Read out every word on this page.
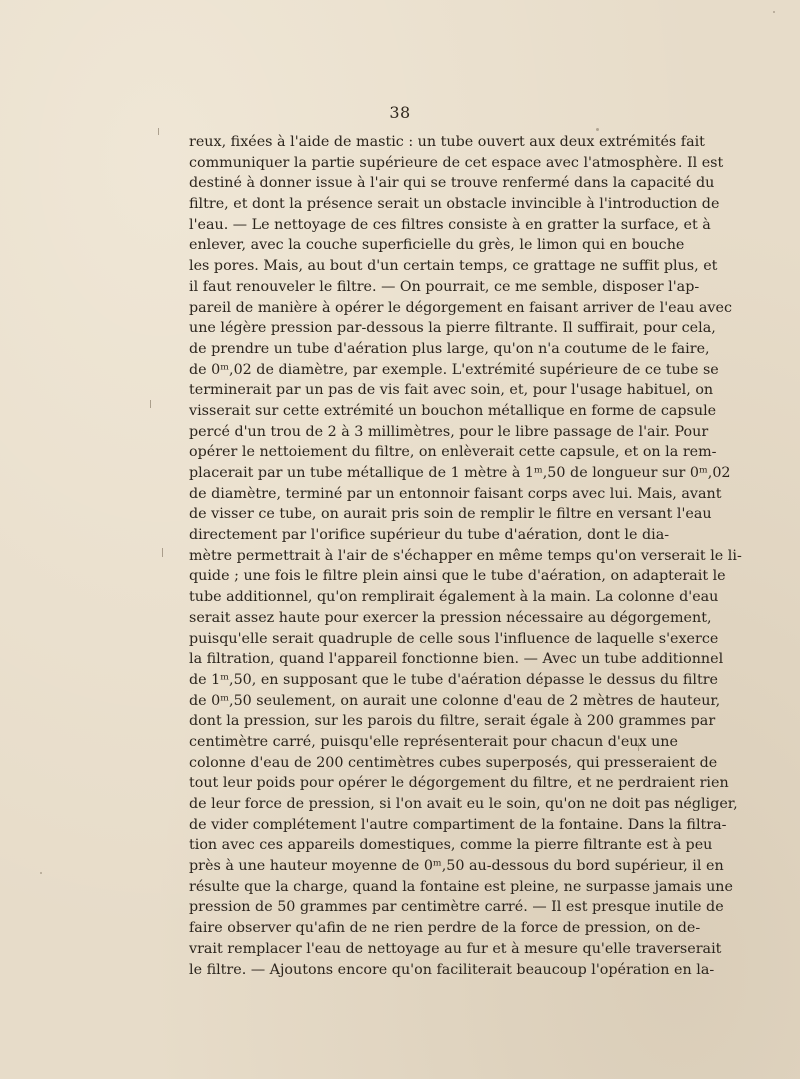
38
reux, fixées à l'aide de mastic : un tube ouvert aux deux extrémités fait
communiquer la partie supérieure de cet espace avec l'atmosphère. Il est
destiné à donner issue à l'air qui se trouve renfermé dans la capacité du
filtre, et dont la présence serait un obstacle invincible à l'introduction de
l'eau. — Le nettoyage de ces filtres consiste à en gratter la surface, et à
enlever, avec la couche superficielle du grès, le limon qui en bouche
les pores. Mais, au bout d'un certain temps, ce grattage ne suffit plus, et
il faut renouveler le filtre. — On pourrait, ce me semble, disposer l'ap-
pareil de manière à opérer le dégorgement en faisant arriver de l'eau avec
une légère pression par-dessous la pierre filtrante. Il suffirait, pour cela,
de prendre un tube d'aération plus large, qu'on n'a coutume de le faire,
de 0ᵐ,02 de diamètre, par exemple. L'extrémité supérieure de ce tube se
terminerait par un pas de vis fait avec soin, et, pour l'usage habituel, on
visserait sur cette extrémité un bouchon métallique en forme de capsule
percé d'un trou de 2 à 3 millimètres, pour le libre passage de l'air. Pour
opérer le nettoiement du filtre, on enlèverait cette capsule, et on la rem-
placerait par un tube métallique de 1 mètre à 1ᵐ,50 de longueur sur 0ᵐ,02
de diamètre, terminé par un entonnoir faisant corps avec lui. Mais, avant
de visser ce tube, on aurait pris soin de remplir le filtre en versant l'eau
directement par l'orifice supérieur du tube d'aération, dont le dia-
mètre permettrait à l'air de s'échapper en même temps qu'on verserait le li-
quide ; une fois le filtre plein ainsi que le tube d'aération, on adapterait le
tube additionnel, qu'on remplirait également à la main. La colonne d'eau
serait assez haute pour exercer la pression nécessaire au dégorgement,
puisqu'elle serait quadruple de celle sous l'influence de laquelle s'exerce
la filtration, quand l'appareil fonctionne bien. — Avec un tube additionnel
de 1ᵐ,50, en supposant que le tube d'aération dépasse le dessus du filtre
de 0ᵐ,50 seulement, on aurait une colonne d'eau de 2 mètres de hauteur,
dont la pression, sur les parois du filtre, serait égale à 200 grammes par
centimètre carré, puisqu'elle représenterait pour chacun d'eux une
colonne d'eau de 200 centimètres cubes superposés, qui presseraient de
tout leur poids pour opérer le dégorgement du filtre, et ne perdraient rien
de leur force de pression, si l'on avait eu le soin, qu'on ne doit pas négliger,
de vider complétement l'autre compartiment de la fontaine. Dans la filtra-
tion avec ces appareils domestiques, comme la pierre filtrante est à peu
près à une hauteur moyenne de 0ᵐ,50 au-dessous du bord supérieur, il en
résulte que la charge, quand la fontaine est pleine, ne surpasse jamais une
pression de 50 grammes par centimètre carré. — Il est presque inutile de
faire observer qu'afin de ne rien perdre de la force de pression, on de-
vrait remplacer l'eau de nettoyage au fur et à mesure qu'elle traverserait
le filtre. — Ajoutons encore qu'on faciliterait beaucoup l'opération en la-
